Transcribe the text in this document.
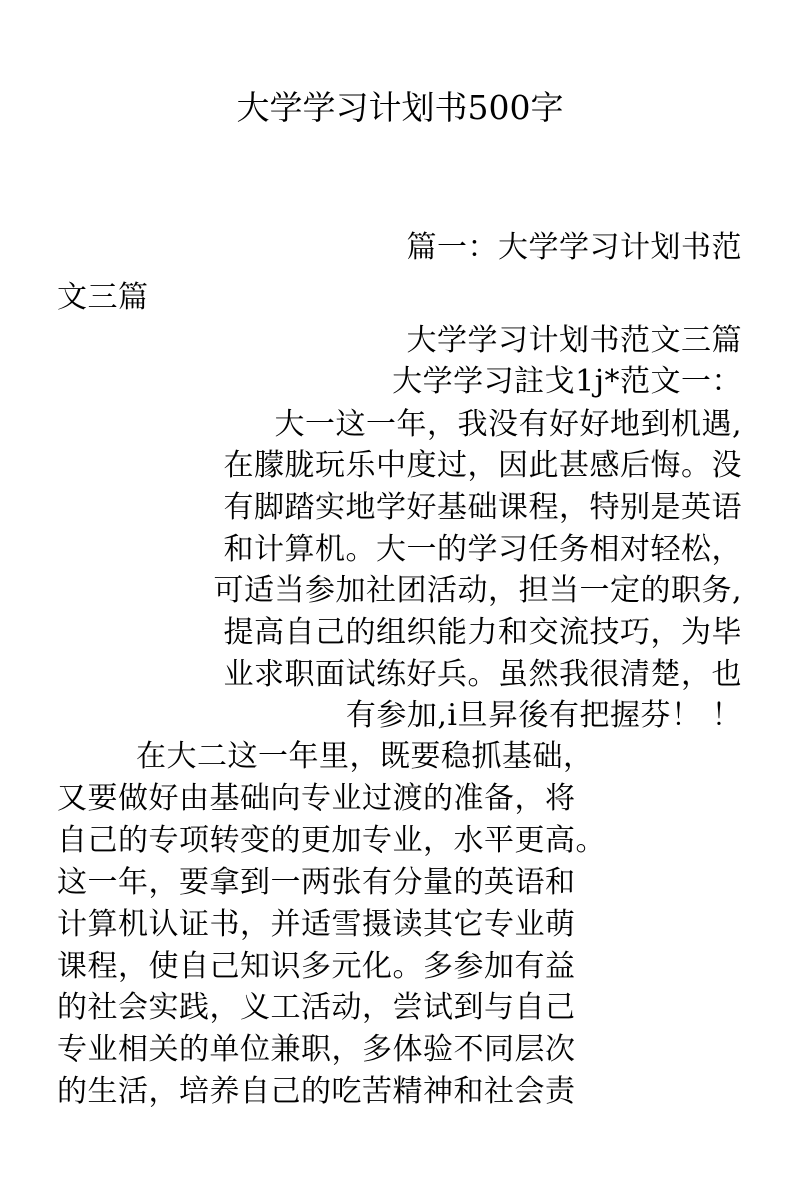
大学学习计划书500字
篇一：大学学习计划书范
文三篇
大学学习计划书范文三篇
大学学习註戈1j*范文一：
大一这一年，我没有好好地到机遇,
在朦胧玩乐中度过，因此甚感后悔。没
有脚踏实地学好基础课程，特别是英语
和计算机。大一的学习任务相对轻松，
可适当参加社团活动，担当一定的职务,
提高自己的组织能力和交流技巧，为毕
业求职面试练好兵。虽然我很清楚，也
有参加,i旦昇後有把握芬！ ！
在大二这一年里，既要稳抓基础，
又要做好由基础向专业过渡的准备，将
自己的专项转变的更加专业，水平更高。
这一年，要拿到一两张有分量的英语和
计算机认证书，并适雪摄读其它专业萌
课程，使自己知识多元化。多参加有益
的社会实践，义工活动，尝试到与自己
专业相关的单位兼职，多体验不同层次
的生活，培养自己的吃苦精神和社会责
